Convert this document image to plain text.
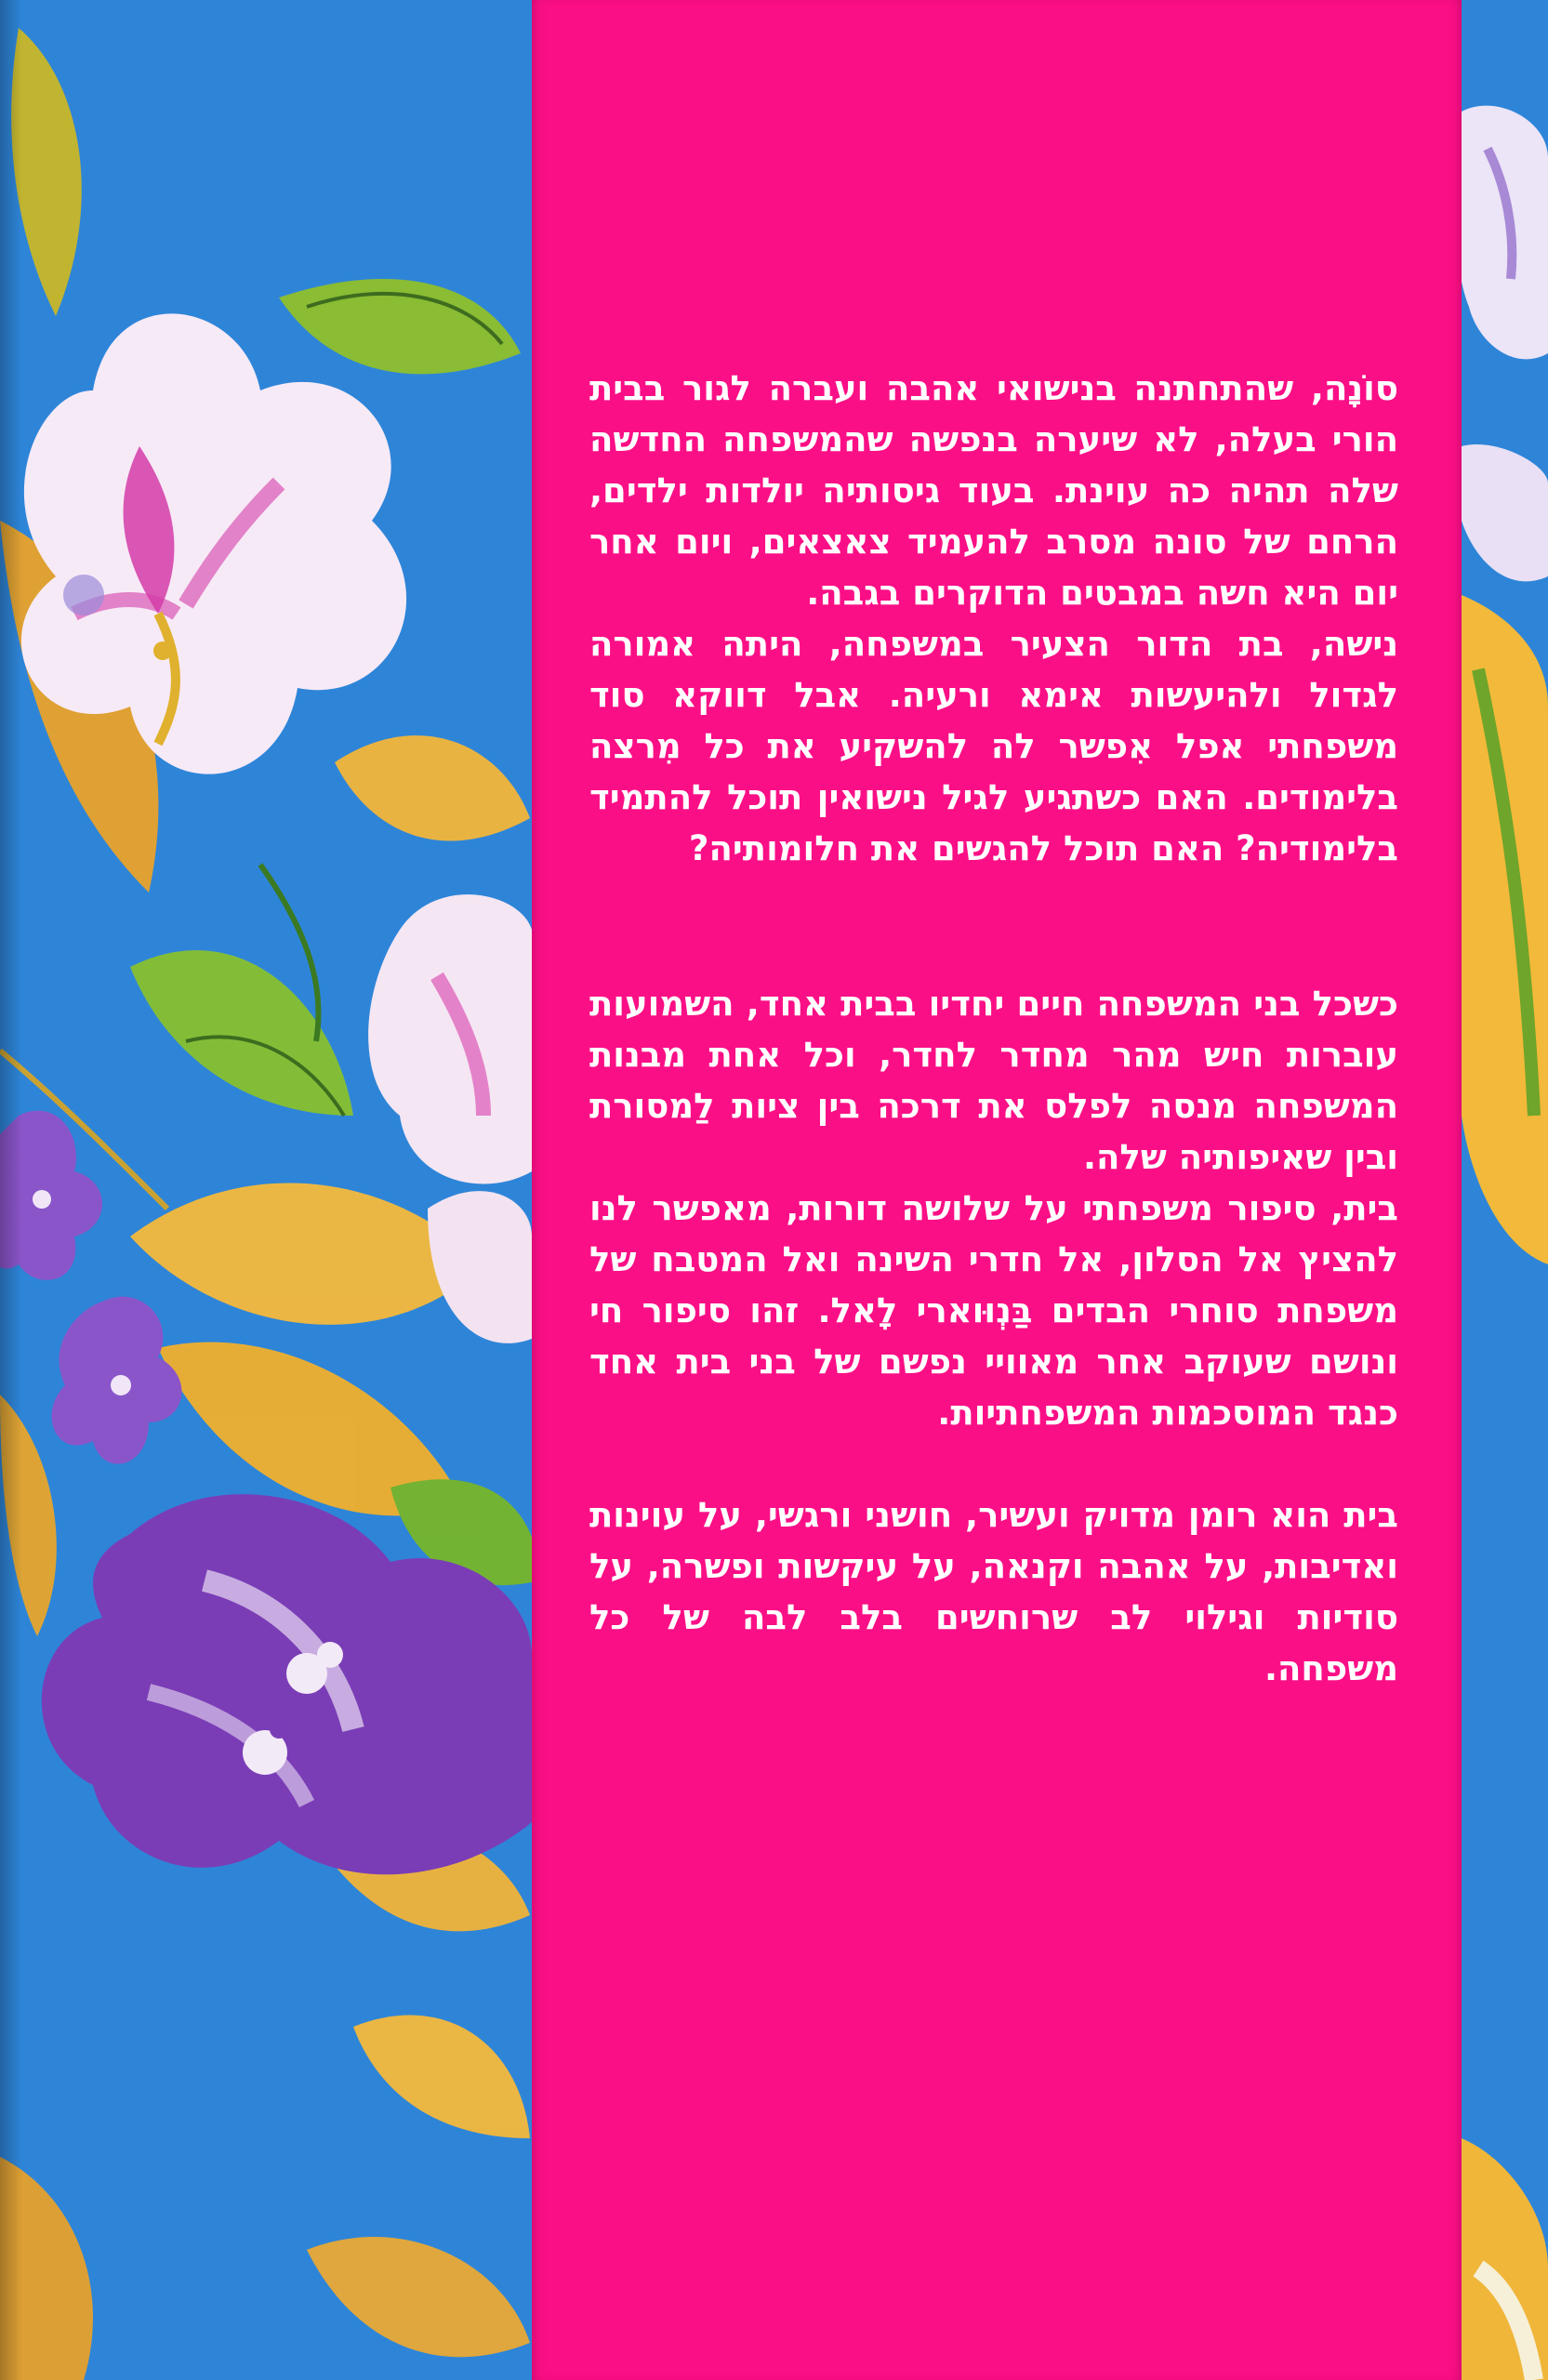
סוֹנָה, שהתחתנה בנישואי אהבה ועברה לגור בבית הורי בעלה, לא שיערה בנפשה שהמשפחה החדשה שלה תהיה כה עוינת. בעוד גיסותיה יולדות ילדים, הרחם של סונה מסרב להעמיד צאצאים, ויום אחר יום היא חשה במבטים הדוקרים בגבה.

נישה, בת הדור הצעיר במשפחה, היתה אמורה לגדול ולהיעשות אימא ורעיה. אבל דווקא סוד משפחתי אפל אִפשר לה להשקיע את כל מִרצה בלימודים. האם כשתגיע לגיל נישואין תוכל להתמיד בלימודיה? האם תוכל להגשים את חלומותיה?

כשכל בני המשפחה חיים יחדיו בבית אחד, השמועות עוברות חיש מהר מחדר לחדר, וכל אחת מבנות המשפחה מנסה לפלס את דרכה בין ציות לַמסורת ובין שאיפותיה שלה.

בית, סיפור משפחתי על שלושה דורות, מאפשר לנו להציץ אל הסלון, אל חדרי השינה ואל המטבח של משפחת סוחרי הבדים בַּנְוּוארי לָאל. זהו סיפור חי ונושם שעוקב אחר מאוויי נפשם של בני בית אחד כנגד המוסכמות המשפחתיות.

בית הוא רומן מדויק ועשיר, חושני ורגשי, על עוינות ואדיבות, על אהבה וקנאה, על עיקשות ופשרה, על סודיות וגילוי לב שרוחשים בלב לבה של כל משפחה.
